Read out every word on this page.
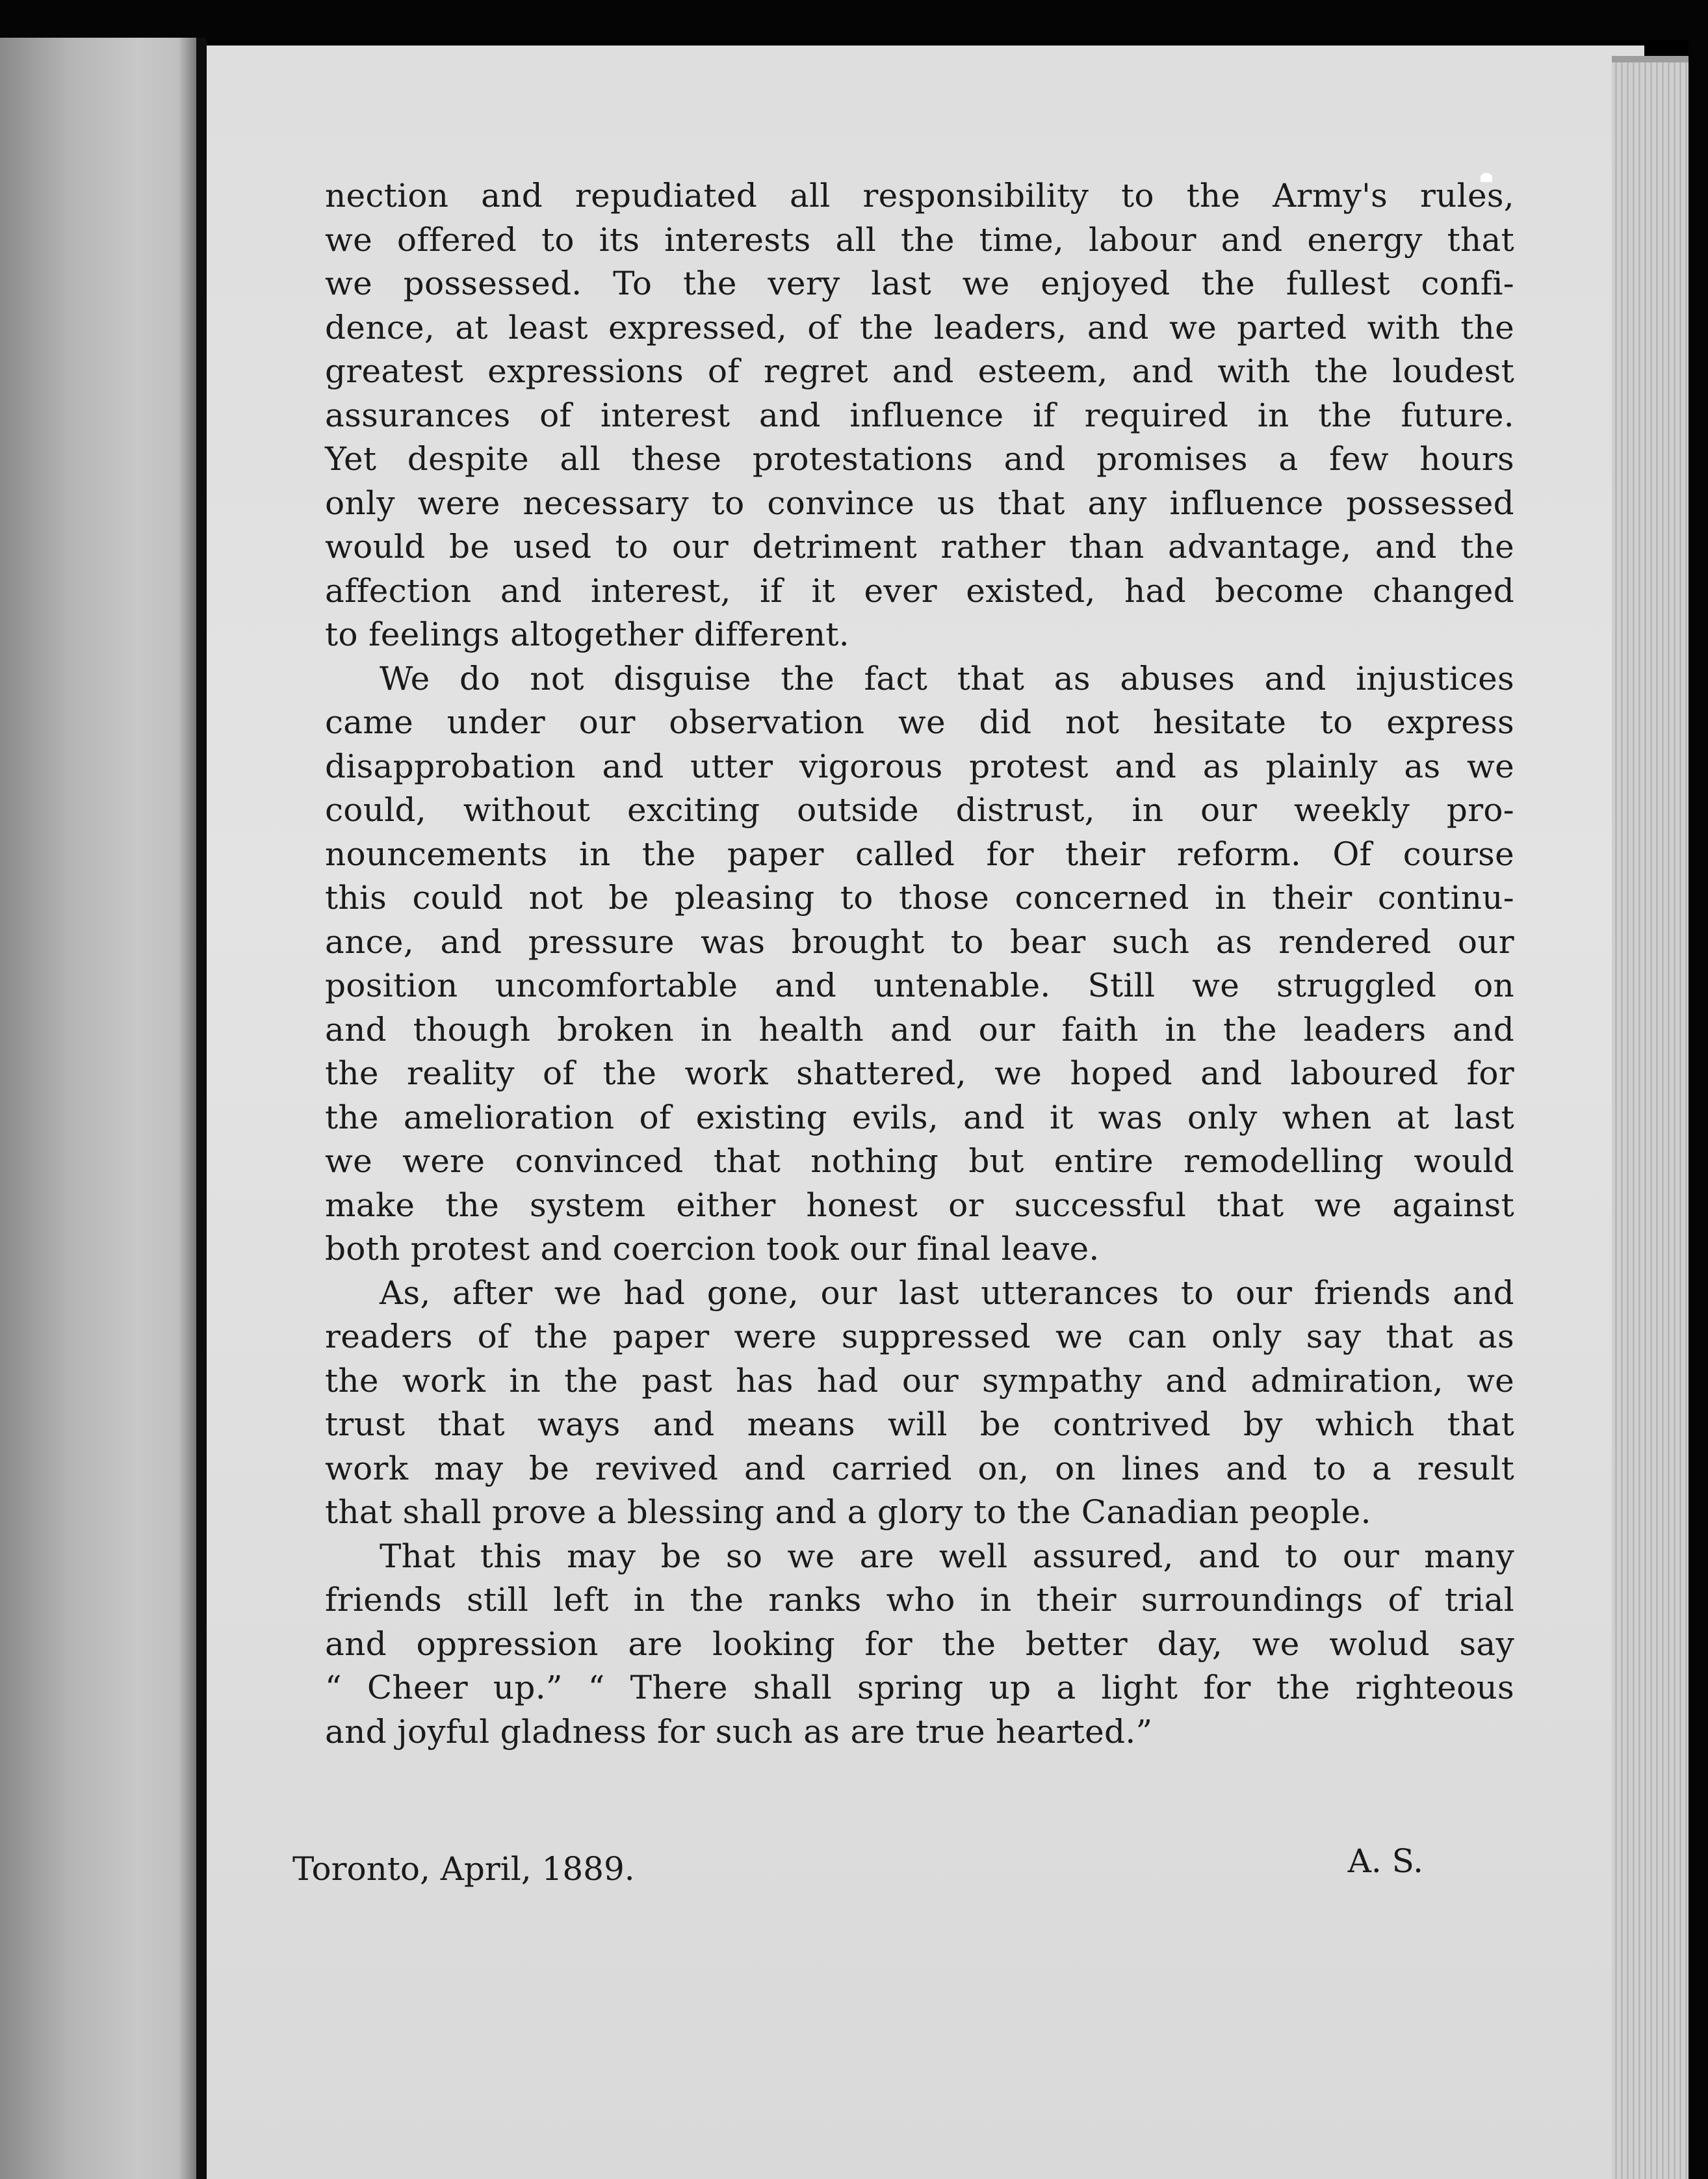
nection and repudiated all responsibility to the Army's rules,
we offered to its interests all the time, labour and energy that
we possessed. To the very last we enjoyed the fullest confi-
dence, at least expressed, of the leaders, and we parted with the
greatest expressions of regret and esteem, and with the loudest
assurances of interest and influence if required in the future.
Yet despite all these protestations and promises a few hours
only were necessary to convince us that any influence possessed
would be used to our detriment rather than advantage, and the
affection and interest, if it ever existed, had become changed
to feelings altogether different.
We do not disguise the fact that as abuses and injustices
came under our observation we did not hesitate to express
disapprobation and utter vigorous protest and as plainly as we
could, without exciting outside distrust, in our weekly pro-
nouncements in the paper called for their reform. Of course
this could not be pleasing to those concerned in their continu-
ance, and pressure was brought to bear such as rendered our
position uncomfortable and untenable. Still we struggled on
and though broken in health and our faith in the leaders and
the reality of the work shattered, we hoped and laboured for
the amelioration of existing evils, and it was only when at last
we were convinced that nothing but entire remodelling would
make the system either honest or successful that we against
both protest and coercion took our final leave.
As, after we had gone, our last utterances to our friends and
readers of the paper were suppressed we can only say that as
the work in the past has had our sympathy and admiration, we
trust that ways and means will be contrived by which that
work may be revived and carried on, on lines and to a result
that shall prove a blessing and a glory to the Canadian people.
That this may be so we are well assured, and to our many
friends still left in the ranks who in their surroundings of trial
and oppression are looking for the better day, we wolud say
“ Cheer up.” “ There shall spring up a light for the righteous
and joyful gladness for such as are true hearted.”
Toronto, April, 1889.	A. S.
